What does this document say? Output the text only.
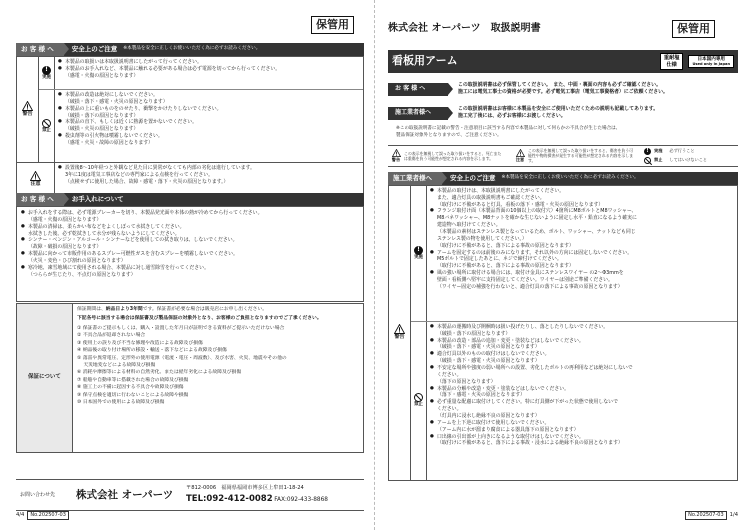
保管用
お 客 様 へ	安全上のご注意 ※本製品を安全に正しくお使いいただく為に必ずお読みください。
警告
!
実施
● 本製品の取扱いは本取扱説明書にしたがって行ってください。
● 本製品のお手入れなど、本製品に触れる必要がある場合は必ず電源を切ってから行ってください。
（感電・火傷の原因となります）
禁止
● 本製品の改造は絶対にしないでください。
（破損・落下・感電・火災の原因となります）
● 本製品の上に重いものをのせたり、衝撃をかけたりしないでください。
（破損・落下の原因となります）
● 本製品の直下、もしくは近くに熱源を置かないでください。
（破損・火災の原因となります）
● 殺虫剤等の引火物は噴霧しないでください。
（感電・火災・故障の原因となります）
注意
● 設置後8～10年経つと外観など見た目に異常がなくても内部の劣化は進行しています。
3年に1度は電気工事店などの専門家による点検を行ってください。
（点検せずに使用した場合、故障・感電・落下・火災の原因となります。）
お 客 様 へ	お手入れについて
● お手入れをする際は、必ず電源ブレーカーを切り、本製品発光面や本体の熱が冷めてから行ってください。
（感電・火傷の原因となります）
● 本製品の清掃は、柔らかい布などをよくしぼって水拭きしてください。
水拭きした後、必ず乾拭きして水分が残らないようにしてください。
● シンナー・ベンジン・アルコール・シンナーなどを使用しての拭き取りは、しないでください。
（故障・破損の原因となります）
● 本製品に向かって市販作用のあるスプレー可燃性ガスを含むスプレーを噴霧しないでください。
（火災・変色・ひび割れの原因となります）
● 寒冷地、凍雪地域にて使用される場合、本製品に対し通雪除雪を行ってください。
（つららが生じたり、不点灯の原因となります）
保証について
保証期間は、納品日より3年間です。保証書が必要な場合は販売店にお申し出ください。
下記各号に該当する場合は保証書及び製品保証の対象外となり、お客様のご負担となりますのでご了承ください。
① 保証書のご提示もしくは、購入・設置した年月日が証明できる資料がご提示いただけない場合
② 不具合品が返却されない場合
③ 使用上の誤り及び不当な修理や改造による故障及び損傷
④ 納品後の取り付け場所の移設・輸送・落下などによる故障及び損傷
⑤ 落雷や異常電圧、定形外の使用電源（電流・電圧・周波数）、及び水害、火災、地震やその他の
　 天災地変などによる故障及び損傷
⑥ 消耗や摩擦等による材料の自然劣化、または経年劣化による故障及び損傷
⑦ 船舶や自動車等に搭載された場合の故障及び損傷
⑧ 施工上の不備に起因する不具合や故障及び損傷
⑨ 保守点検を適切に行わないことによる故障や損傷
⑩ 日本国外での使用による故障及び損傷
お問い合わせ先	株式会社 オーパーツ
〒812-0006　福岡県福岡市博多区上牟田1-18-24
TEL:092-412-0082 FAX:092-433-8868
4/4	No.202507-03
株式会社 オーパーツ　取扱説明書	保管用
看板用アーム	重耐塩
仕様
日本国内専用
Used only in Japan
お 客 様 へ
この取扱説明書は必ず保管してください。　また、中面・裏面の内容も必ずご確認ください。
施工には電気工事士の資格が必要です。必ず電気工事店（電気工事資格者）にご依頼ください。
施工業者様へ
この取扱説明書はお客様に本製品を安全にご使用いただくための説明も記載してあります。
施工完了後には、必ずお客様にお渡しください。
※この取扱説明書に記載の警告・注意項目に該当する内容で本製品に対して何らかの不具合が生じた場合は、
製品保証対象外となりますので、ご注意ください。
警告
この表示を無視して誤った取り扱いをすると、死亡または重傷を負う可能性が想定される内容を示します。	注意
この表示を無視して誤った取り扱いをすると、傷害を負う可能性や物的損害が発生する可能性が想定される内容を示します。
!	実施 必ず行うこと
禁止 してはいけないこと
施工業者様へ	安全上のご注意 ※本製品を安全に正しくお使いいただく為に必ずお読みください。
警告
!
実施
● 本製品の取付けは、本取扱説明書にしたがってください。
また、適合灯具の取扱説明書もご確認ください。
（取付けに不備があると灯具、看板の落下・感電・火災の原因となります）
● フランジ取付け面（本製品背面の10個以上の取付穴）4箇所にM8ボルトとM8ワッシャー、
M8バネワッシャー、M8ナットを確かな生じないように固定し水平・鉛直になるよう確実に
建造物へ取付けてください。
（本製品の素材はステンレス製となっているため、ボルト、ワッシャー、ナットなども同じ
ステンレス製の物を使用してください。）
（取付けに不備があると、落下による事故の原因となります）
● アームを固定するのは前後のみになります。それ以外の方向には固定しないでください。
M5ボルトで固定したあとに、ネジで締付けてください。
（取付けに不備があると、落下による事故の原因となります）
● 風の強い場所に取付ける場合には、取付け金具にステンレスワイヤー の2～Φ3mmを
壁面・看板側へ堅牢に支持固定してください。ワイヤーは別途ご準備ください。
（ワイヤー固定の補強を行わないと、適合灯具の落下による事故の原因となります）
禁止
● 本製品の運搬時及び開梱時は扱い投げたりし、落としたりしないでください。
（破損・落下の原因となります）
● 本製品の改造・部品の追加・変更・塗装などはしないでください。
（破損・落下・感電・火災の原因となります）
● 適合灯具以外のものの取付けはしないでください。
（破損・落下・感電・火災の原因となります）
● 不安定な場所や強度の弱い場所への設置、劣化したボルトの再利用などは絶対にしないで
ください。
（落下の原因となります）
● 本製品の分解や改造・変更・塗装などはしないでください。
（落下・感電・火災の原因となります）
● 必ず重量な配慮に取付けしてください。特に灯具側が下がった状態で使用しないで
ください。
（灯具内に浸水し絶縁不良の原因となります）
● アームを上下逆に取付けて使用しないでください。
（アーム内に水が溜まり腐食による器具落下の原因となります）
● 口出線の引出部が上向きになるような取付けはしないでください。
（取付けに不備があると、落下による事故・浸水による絶縁不良の原因となります）
No.202507-03	1/4
